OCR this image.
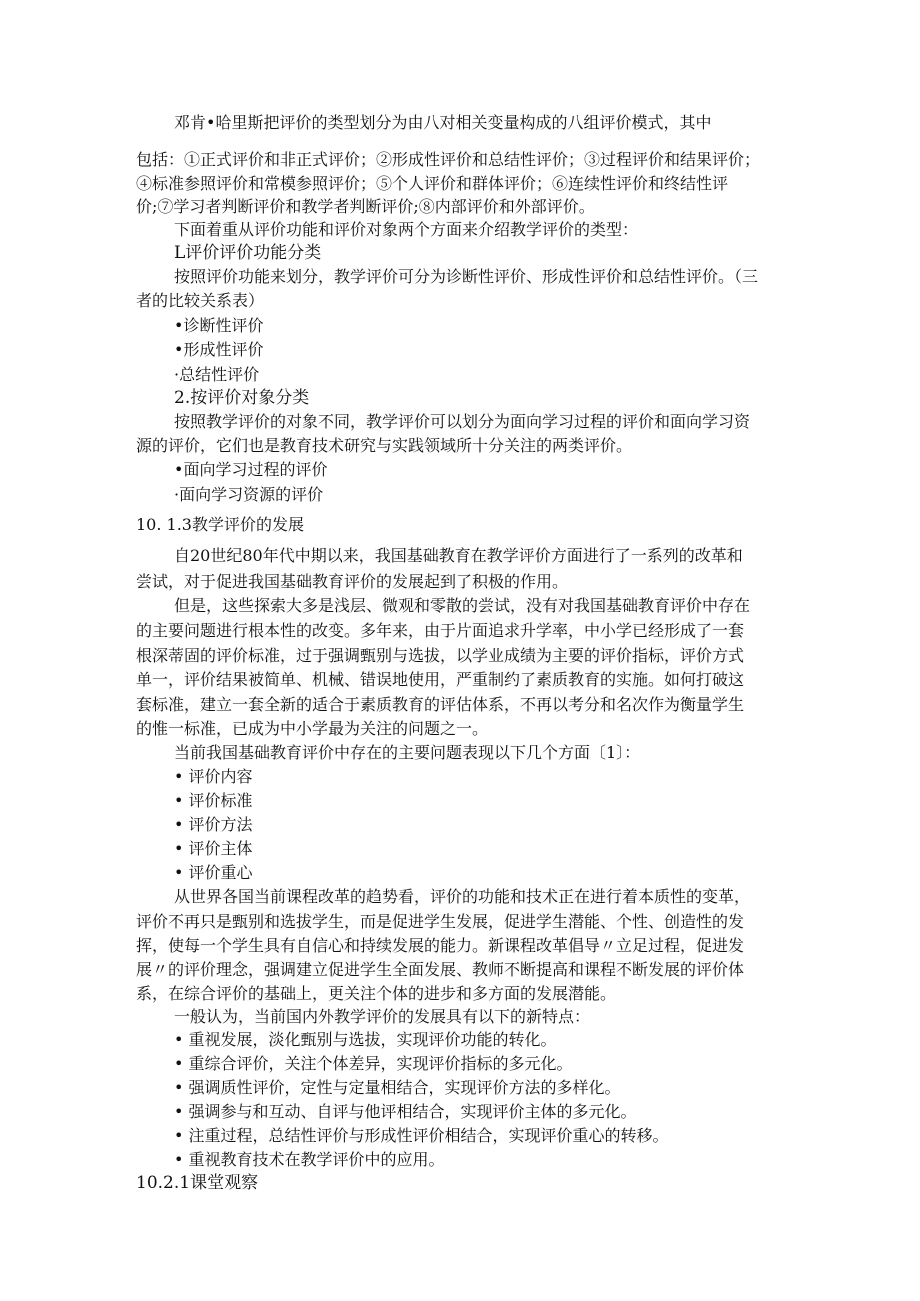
邓肯•哈里斯把评价的类型划分为由八对相关变量构成的八组评价模式，其中
包括：①正式评价和非正式评价；②形成性评价和总结性评价；③过程评价和结果评价；
④标准参照评价和常模参照评价；⑤个人评价和群体评价；⑥连续性评价和终结性评
价;⑦学习者判断评价和教学者判断评价;⑧内部评价和外部评价。
下面着重从评价功能和评价对象两个方面来介绍教学评价的类型：
L评价评价功能分类
按照评价功能来划分，教学评价可分为诊断性评价、形成性评价和总结性评价。（三
者的比较关系表）
•诊断性评价
•形成性评价
·总结性评价
2.按评价对象分类
按照教学评价的对象不同，教学评价可以划分为面向学习过程的评价和面向学习资
源的评价，它们也是教育技术研究与实践领域所十分关注的两类评价。
•面向学习过程的评价
·面向学习资源的评价
10. 1.3教学评价的发展
自20世纪80年代中期以来，我国基础教育在教学评价方面进行了一系列的改革和
尝试，对于促进我国基础教育评价的发展起到了积极的作用。
但是，这些探索大多是浅层、微观和零散的尝试，没有对我国基础教育评价中存在
的主要问题进行根本性的改变。多年来，由于片面追求升学率，中小学已经形成了一套
根深蒂固的评价标准，过于强调甄别与选拔，以学业成绩为主要的评价指标，评价方式
单一，评价结果被简单、机械、错误地使用，严重制约了素质教育的实施。如何打破这
套标准，建立一套全新的适合于素质教育的评估体系，不再以考分和名次作为衡量学生
的惟一标准，已成为中小学最为关注的问题之一。
当前我国基础教育评价中存在的主要问题表现以下几个方面〔1〕：
• 评价内容
• 评价标准
• 评价方法
• 评价主体
• 评价重心
从世界各国当前课程改革的趋势看，评价的功能和技术正在进行着本质性的变革，
评价不再只是甄别和选拔学生，而是促进学生发展，促进学生潜能、个性、创造性的发
挥，使每一个学生具有自信心和持续发展的能力。新课程改革倡导〃立足过程，促进发
展〃的评价理念，强调建立促进学生全面发展、教师不断提高和课程不断发展的评价体
系，在综合评价的基础上，更关注个体的进步和多方面的发展潜能。
一般认为，当前国内外教学评价的发展具有以下的新特点：
• 重视发展，淡化甄别与选拔，实现评价功能的转化。
• 重综合评价，关注个体差异，实现评价指标的多元化。
• 强调质性评价，定性与定量相结合，实现评价方法的多样化。
• 强调参与和互动、自评与他评相结合，实现评价主体的多元化。
• 注重过程，总结性评价与形成性评价相结合，实现评价重心的转移。
• 重视教育技术在教学评价中的应用。
10.2.1课堂观察
